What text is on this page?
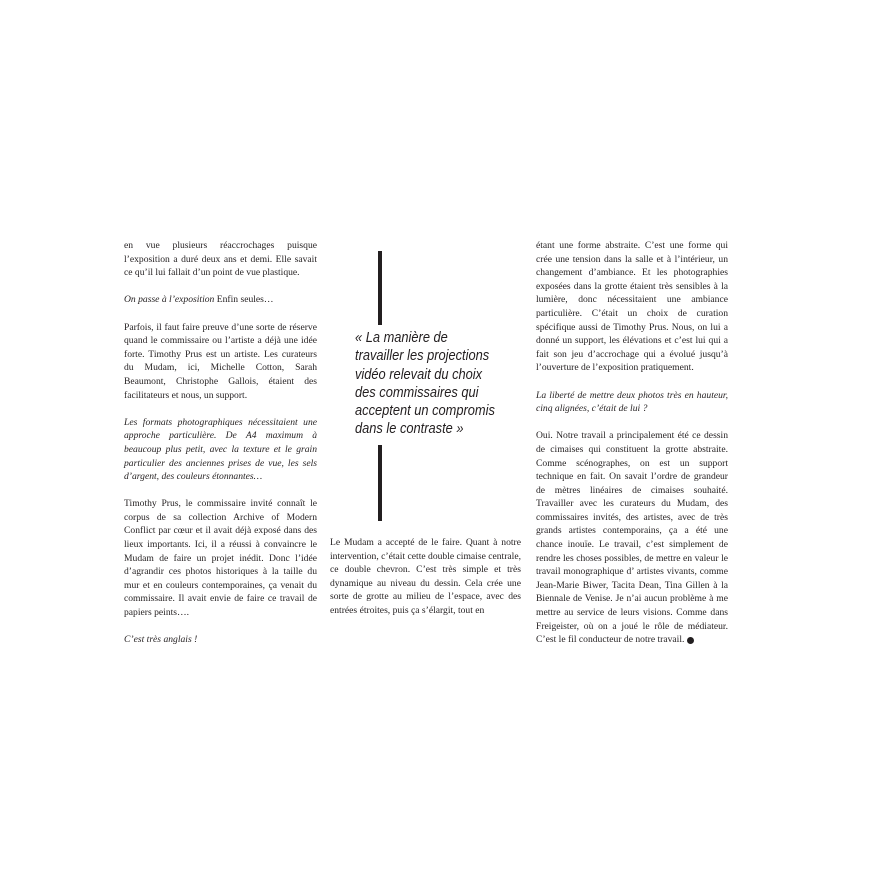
en vue plusieurs réaccrochages puisque l’exposition a duré deux ans et demi. Elle savait ce qu’il lui fallait d’un point de vue plastique.

On passe à l’exposition Enfin seules…

Parfois, il faut faire preuve d’une sorte de réserve quand le commissaire ou l’artiste a déjà une idée forte. Timothy Prus est un artiste. Les curateurs du Mudam, ici, Michelle Cotton, Sarah Beaumont, Christophe Gallois, étaient des facilitateurs et nous, un support.

Les formats photographiques nécessitaient une approche particulière. De A4 maximum à beaucoup plus petit, avec la texture et le grain particulier des anciennes prises de vue, les sels d’argent, des couleurs étonnantes…

Timothy Prus, le commissaire invité connaît le corpus de sa collection Archive of Modern Conflict par cœur et il avait déjà exposé dans des lieux importants. Ici, il a réussi à convaincre le Mudam de faire un projet inédit. Donc l’idée d’agrandir ces photos historiques à la taille du mur et en couleurs contemporaines, ça venait du commissaire. Il avait envie de faire ce travail de papiers peints….

C’est très anglais !

« La manière de travailler les projections vidéo relevait du choix des commissaires qui acceptent un compromis dans le contraste »

Le Mudam a accepté de le faire. Quant à notre intervention, c’était cette double cimaise centrale, ce double chevron. C’est très simple et très dynamique au niveau du dessin. Cela crée une sorte de grotte au milieu de l’espace, avec des entrées étroites, puis ça s’élargit, tout en

étant une forme abstraite. C’est une forme qui crée une tension dans la salle et à l’intérieur, un changement d’ambiance. Et les photographies exposées dans la grotte étaient très sensibles à la lumière, donc nécessitaient une ambiance particulière. C’était un choix de curation spécifique aussi de Timothy Prus. Nous, on lui a donné un support, les élévations et c’est lui qui a fait son jeu d’accrochage qui a évolué jusqu’à l’ouverture de l’exposition pratiquement.

La liberté de mettre deux photos très en hauteur, cinq alignées, c’était de lui ?

Oui. Notre travail a principalement été ce dessin de cimaises qui constituent la grotte abstraite. Comme scénographes, on est un support technique en fait. On savait l’ordre de grandeur de mètres linéaires de cimaises souhaité. Travailler avec les curateurs du Mudam, des commissaires invités, des artistes, avec de très grands artistes contemporains, ça a été une chance inouïe. Le travail, c’est simplement de rendre les choses possibles, de mettre en valeur le travail monographique d’ artistes vivants, comme Jean-Marie Biwer, Tacita Dean, Tina Gillen à la Biennale de Venise. Je n’ai aucun problème à me mettre au service de leurs visions. Comme dans Freigeister, où on a joué le rôle de médiateur. C’est le fil conducteur de notre travail.
